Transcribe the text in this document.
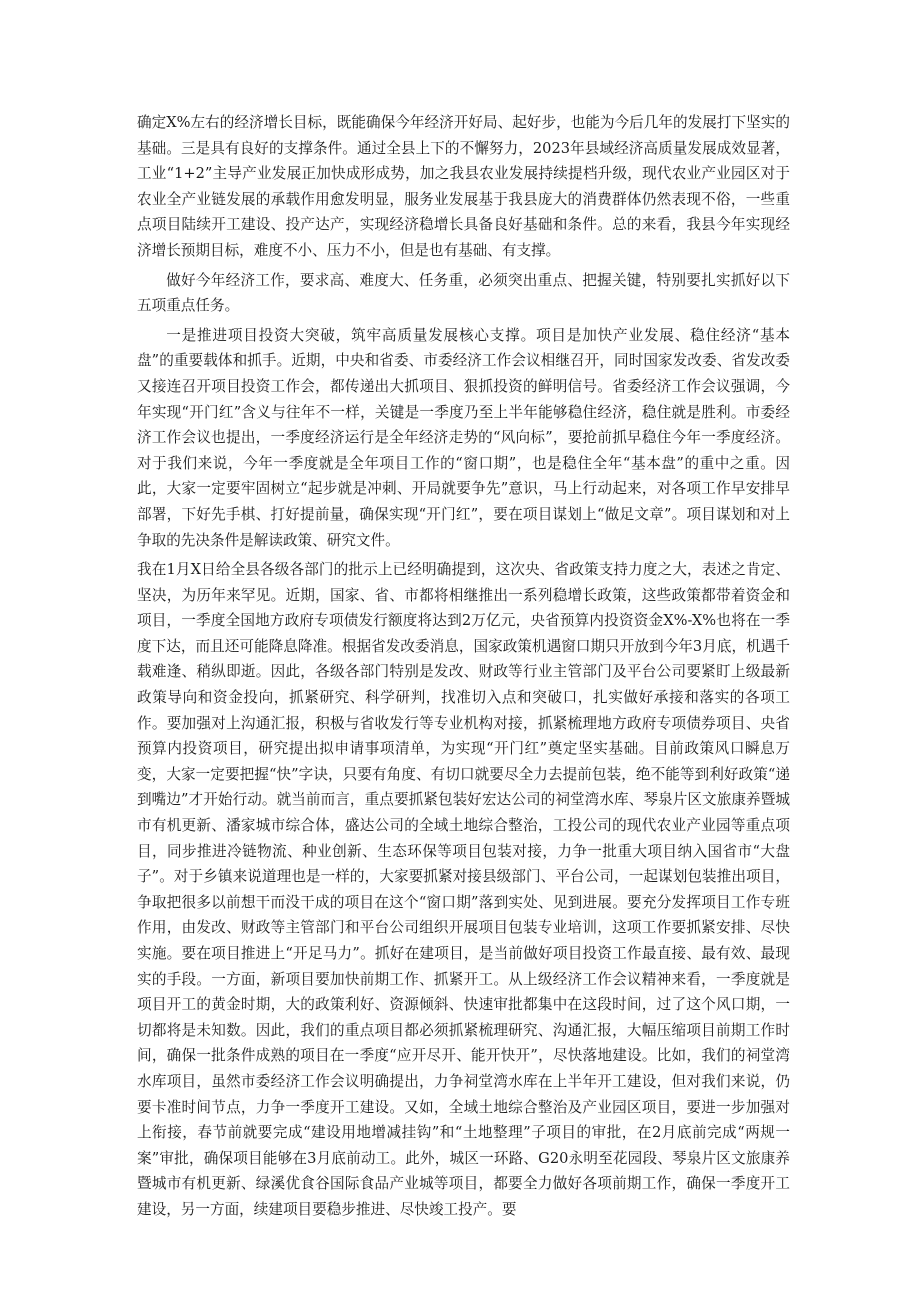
确定X%左右的经济增长目标，既能确保今年经济开好局、起好步，也能为今后几年的发展打下坚实的基础。三是具有良好的支撑条件。通过全县上下的不懈努力，2023年县域经济高质量发展成效显著，工业“1+2”主导产业发展正加快成形成势，加之我县农业发展持续提档升级，现代农业产业园区对于农业全产业链发展的承载作用愈发明显，服务业发展基于我县庞大的消费群体仍然表现不俗，一些重点项目陆续开工建设、投产达产，实现经济稳增长具备良好基础和条件。总的来看，我县今年实现经济增长预期目标，难度不小、压力不小，但是也有基础、有支撑。

做好今年经济工作，要求高、难度大、任务重，必须突出重点、把握关键，特别要扎实抓好以下五项重点任务。

一是推进项目投资大突破，筑牢高质量发展核心支撑。项目是加快产业发展、稳住经济“基本盘”的重要载体和抓手。近期，中央和省委、市委经济工作会议相继召开，同时国家发改委、省发改委又接连召开项目投资工作会，都传递出大抓项目、狠抓投资的鲜明信号。省委经济工作会议强调，今年实现“开门红”含义与往年不一样，关键是一季度乃至上半年能够稳住经济，稳住就是胜利。市委经济工作会议也提出，一季度经济运行是全年经济走势的“风向标”，要抢前抓早稳住今年一季度经济。对于我们来说，今年一季度就是全年项目工作的“窗口期”，也是稳住全年“基本盘”的重中之重。因此，大家一定要牢固树立“起步就是冲刺、开局就要争先”意识，马上行动起来，对各项工作早安排早部署，下好先手棋、打好提前量，确保实现“开门红”，要在项目谋划上“做足文章”。项目谋划和对上争取的先决条件是解读政策、研究文件。

我在1月X日给全县各级各部门的批示上已经明确提到，这次央、省政策支持力度之大，表述之肯定、坚决，为历年来罕见。近期，国家、省、市都将相继推出一系列稳增长政策，这些政策都带着资金和项目，一季度全国地方政府专项债发行额度将达到2万亿元，央省预算内投资资金X%-X%也将在一季度下达，而且还可能降息降准。根据省发改委消息，国家政策机遇窗口期只开放到今年3月底，机遇千载难逢、稍纵即逝。因此，各级各部门特别是发改、财政等行业主管部门及平台公司要紧盯上级最新政策导向和资金投向，抓紧研究、科学研判，找准切入点和突破口，扎实做好承接和落实的各项工作。要加强对上沟通汇报，积极与省收发行等专业机构对接，抓紧梳理地方政府专项债券项目、央省预算内投资项目，研究提出拟申请事项清单，为实现“开门红”奠定坚实基础。目前政策风口瞬息万变，大家一定要把握“快”字诀，只要有角度、有切口就要尽全力去提前包装，绝不能等到利好政策“递到嘴边”才开始行动。就当前而言，重点要抓紧包装好宏达公司的祠堂湾水库、琴泉片区文旅康养暨城市有机更新、潘家城市综合体，盛达公司的全域土地综合整治，工投公司的现代农业产业园等重点项目，同步推进冷链物流、种业创新、生态环保等项目包装对接，力争一批重大项目纳入国省市“大盘子”。对于乡镇来说道理也是一样的，大家要抓紧对接县级部门、平台公司，一起谋划包装推出项目，争取把很多以前想干而没干成的项目在这个“窗口期”落到实处、见到进展。要充分发挥项目工作专班作用，由发改、财政等主管部门和平台公司组织开展项目包装专业培训，这项工作要抓紧安排、尽快实施。要在项目推进上“开足马力”。抓好在建项目，是当前做好项目投资工作最直接、最有效、最现实的手段。一方面，新项目要加快前期工作、抓紧开工。从上级经济工作会议精神来看，一季度就是项目开工的黄金时期，大的政策利好、资源倾斜、快速审批都集中在这段时间，过了这个风口期，一切都将是未知数。因此，我们的重点项目都必须抓紧梳理研究、沟通汇报，大幅压缩项目前期工作时间，确保一批条件成熟的项目在一季度“应开尽开、能开快开”，尽快落地建设。比如，我们的祠堂湾水库项目，虽然市委经济工作会议明确提出，力争祠堂湾水库在上半年开工建设，但对我们来说，仍要卡准时间节点，力争一季度开工建设。又如，全域土地综合整治及产业园区项目，要进一步加强对上衔接，春节前就要完成“建设用地增减挂钩”和“土地整理”子项目的审批，在2月底前完成“两规一案”审批，确保项目能够在3月底前动工。此外，城区一环路、G20永明至花园段、琴泉片区文旅康养暨城市有机更新、绿溪优食谷国际食品产业城等项目，都要全力做好各项前期工作，确保一季度开工建设，另一方面，续建项目要稳步推进、尽快竣工投产。要
